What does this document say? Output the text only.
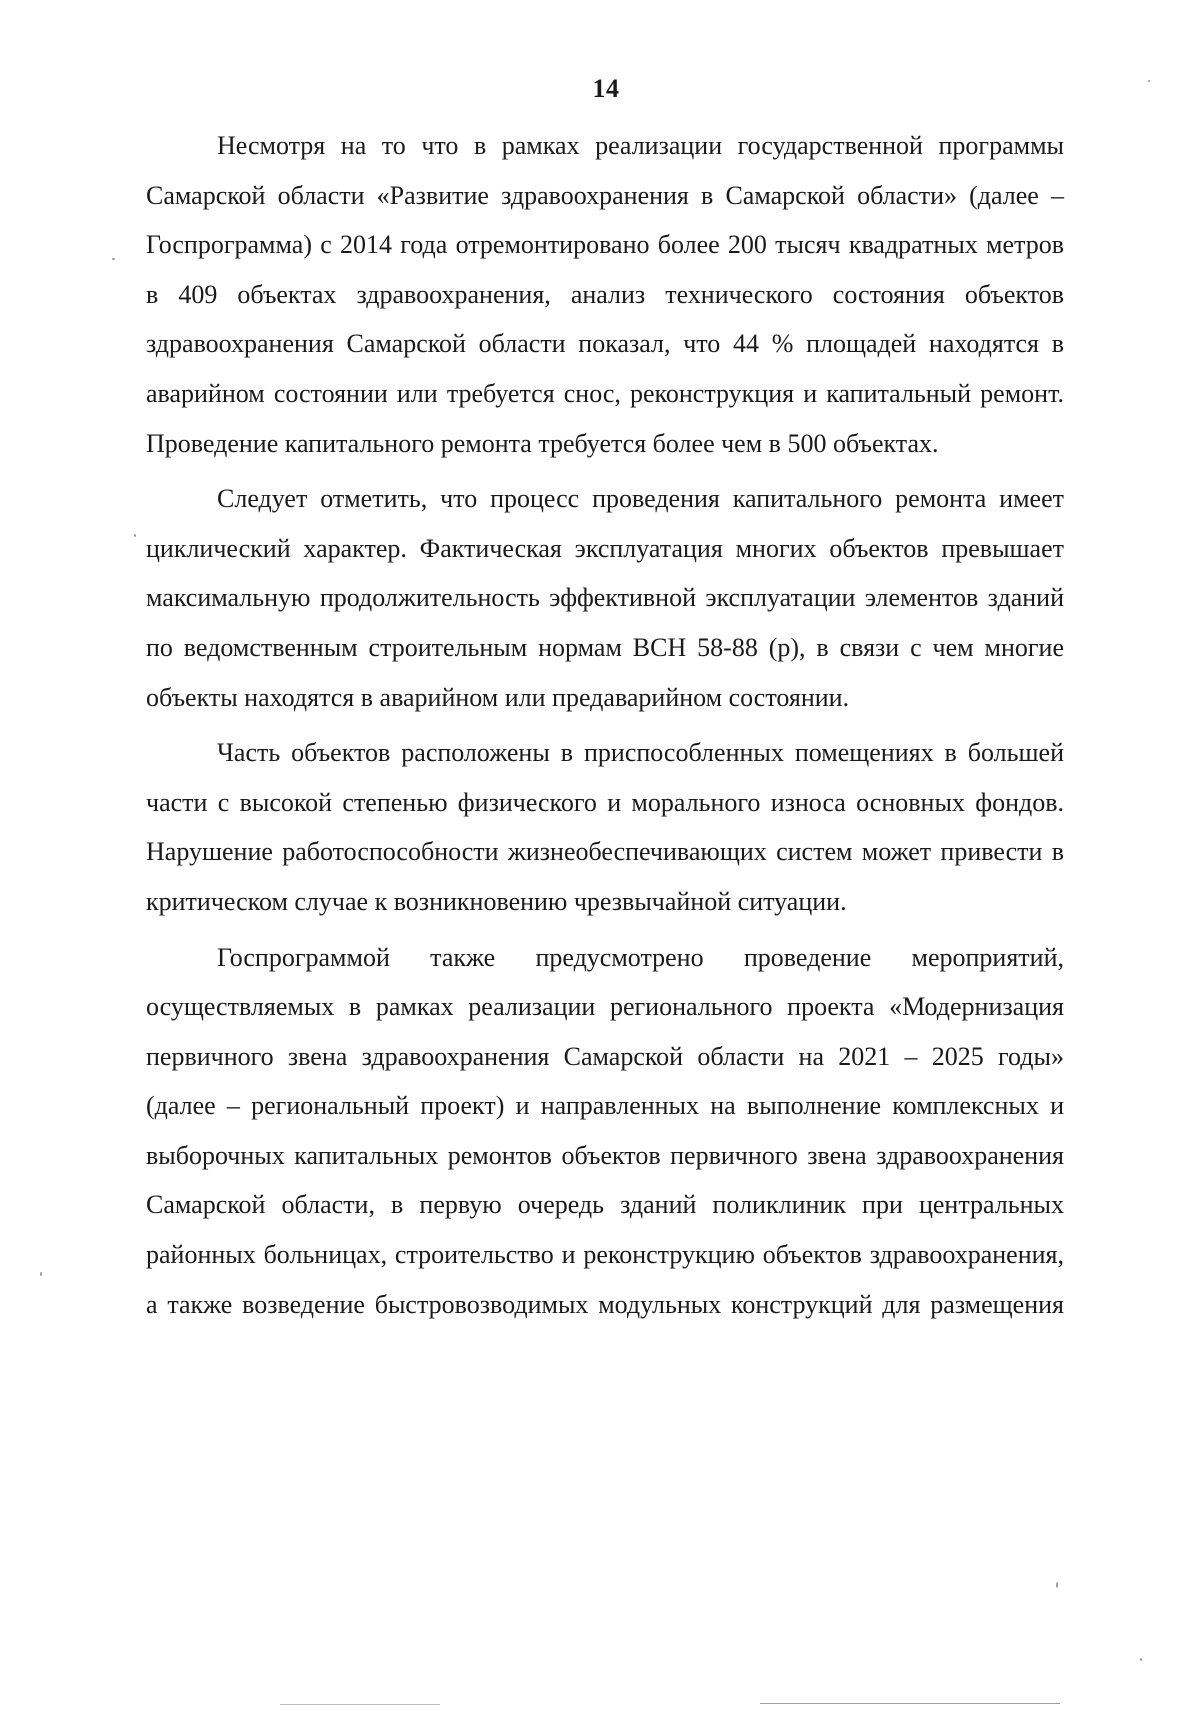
14

Несмотря на то что в рамках реализации государственной программы Самарской области «Развитие здравоохранения в Самарской области» (далее – Госпрограмма) с 2014 года отремонтировано более 200 тысяч квадратных метров в 409 объектах здравоохранения, анализ технического состояния объектов здравоохранения Самарской области показал, что 44 % площадей находятся в аварийном состоянии или требуется снос, реконструкция и капитальный ремонт. Проведение капитального ремонта требуется более чем в 500 объектах.

Следует отметить, что процесс проведения капитального ремонта имеет циклический характер. Фактическая эксплуатация многих объектов превышает максимальную продолжительность эффективной эксплуатации элементов зданий по ведомственным строительным нормам ВСН 58-88 (р), в связи с чем многие объекты находятся в аварийном или предаварийном состоянии.

Часть объектов расположены в приспособленных помещениях в большей части с высокой степенью физического и морального износа основных фондов. Нарушение работоспособности жизнеобеспечивающих систем может привести в критическом случае к возникновению чрезвычайной ситуации.

Госпрограммой также предусмотрено проведение мероприятий, осуществляемых в рамках реализации регионального проекта «Модернизация первичного звена здравоохранения Самарской области на 2021 – 2025 годы» (далее – региональный проект) и направленных на выполнение комплексных и выборочных капитальных ремонтов объектов первичного звена здравоохранения Самарской области, в первую очередь зданий поликлиник при центральных районных больницах, строительство и реконструкцию объектов здравоохранения, а также возведение быстровозводимых модульных конструкций для размещения
